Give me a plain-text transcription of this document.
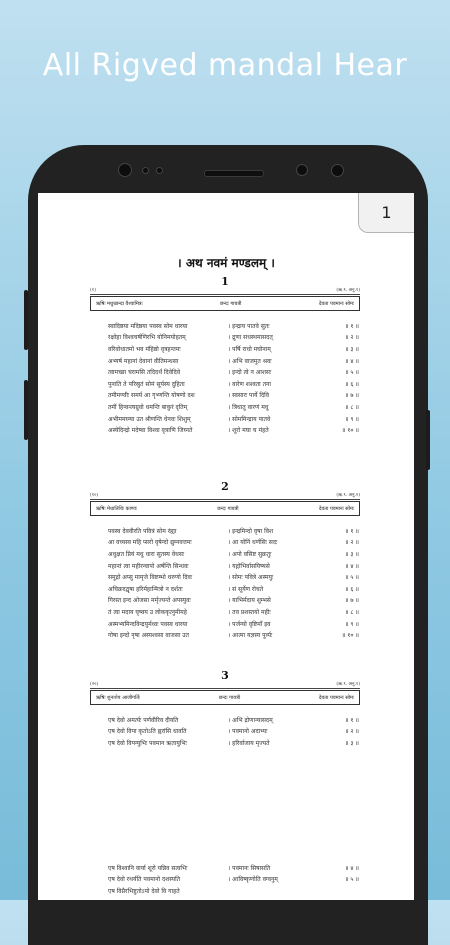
All Rigved mandal Hear
1
। अथ नवमं मण्डलम् ।
1
(१)	(ऋ.९. अनु.१)
ऋषिः मधुच्छन्दा वैश्वामित्रः	छन्दः गायत्री	देवता पवमानः सोमः
स्वादिष्ठया मदिष्ठया पवस्व सोम धारया	। इन्द्राय पातवे सुतः	॥ १ ॥
रक्षोहा विश्वचर्षणिरभि योनिमयोहतम्	। द्रुणा सधस्थमासदत्	॥ २ ॥
वरिवोधातमो भव मंहिष्ठो वृत्रहन्तमः	। पर्षि राधो मघोनाम्	॥ ३ ॥
अभ्यर्ष महानां देवानां वीतिमन्धसा	। अभि वाजमुत श्रवः	॥ ४ ॥
त्वामच्छा चरामसि तदिदर्थं दिवेदिवे	। इन्दो त्वे न आशसः	॥ ५ ॥
पुनाति ते परिस्रुतं सोमं सूर्यस्य दुहिता	। वारेण शश्वता तना	॥ ६ ॥
तमीमण्वीः समर्य आ गृभ्णन्ति योषणो दश	। स्वसारः पार्ये दिवि	॥ ७ ॥
तमीं हिन्वन्त्यग्रुवो धमन्ति बाकुरं दृतिम्	। त्रिधातु वारणं मधु	॥ ८ ॥
अभीममघ्न्या उत श्रीणन्ति धेनवः शिशुम्	। सोममिन्द्राय पातवे	॥ ९ ॥
अस्येदिन्द्रो मदेष्वा विश्वा वृत्राणि जिघ्नते	। शूरो मघा च मंहते	॥ १० ॥
2
(१०)	(ऋ.९. अनु.१)
ऋषिः मेधातिथिः काण्वः	छन्दः गायत्री	देवता पवमानः सोमः
पवस्व देववीरति पवित्रं सोम रंह्या	। इन्द्रमिन्दो वृषा विश	॥ १ ॥
आ वच्यस्व महि प्सरो वृषेन्दो द्युम्नवत्तमः	। आ योनिं धर्णसिः सदः	॥ २ ॥
अधुक्षत प्रियं मधु धारा सुतस्य वेधसः	। अपो वसिष्ट सुक्रतुः	॥ ३ ॥
महान्तं त्वा महीरन्वापो अर्षन्ति सिन्धवः	। यद्गोभिर्वासयिष्यसे	॥ ४ ॥
समुद्रो अप्सु मामृजे विष्टम्भो धरुणो दिवः	। सोमः पवित्रे अस्मयुः	॥ ५ ॥
अचिक्रदद्वृषा हरिर्महान्मित्रो न दर्शतः	। सं सूर्येण रोचते	॥ ६ ॥
गिरस्त इन्द ओजसा मर्मृज्यन्ते अपस्युवः	। याभिर्मदाय शुम्भसे	॥ ७ ॥
तं त्वा मदाय घृष्वय उ लोककृत्नुमीमहे	। तव प्रशस्तयो महीः	॥ ८ ॥
अस्मभ्यमिन्दविन्द्रयुर्मध्वः पवस्व धारया	। पर्जन्यो वृष्टिमाँ इव	॥ ९ ॥
गोषा इन्दो नृषा अस्यश्वसा वाजसा उत	। आत्मा यज्ञस्य पूर्व्यः	॥ १० ॥
3
(२०)	(ऋ.९. अनु.१)
ऋषिः शुनःशेप आजीगर्तिः	छन्दः गायत्री	देवता पवमानः सोमः
एष देवो अमर्त्यः पर्णवीरिव दीयति	। अभि द्रोणान्यासदम्	॥ १ ॥
एष देवो विपा कृतोऽति ह्वरांसि धावति	। पवमानो अदाभ्यः	॥ २ ॥
एष देवो विपन्युभिः पवमान ऋतायुभिः	। हरिर्वाजाय मृज्यते	॥ ३ ॥
एष विश्वानि वार्या शूरो यन्निव सत्वभिः	। पवमानः सिषासति	॥ ४ ॥
एष देवो रथर्यति पवमानो दशस्यति	। आविष्कृणोति वग्वनुम्	॥ ५ ॥
एष विप्रैरभिष्टुतोऽपो देवो वि गाहते
